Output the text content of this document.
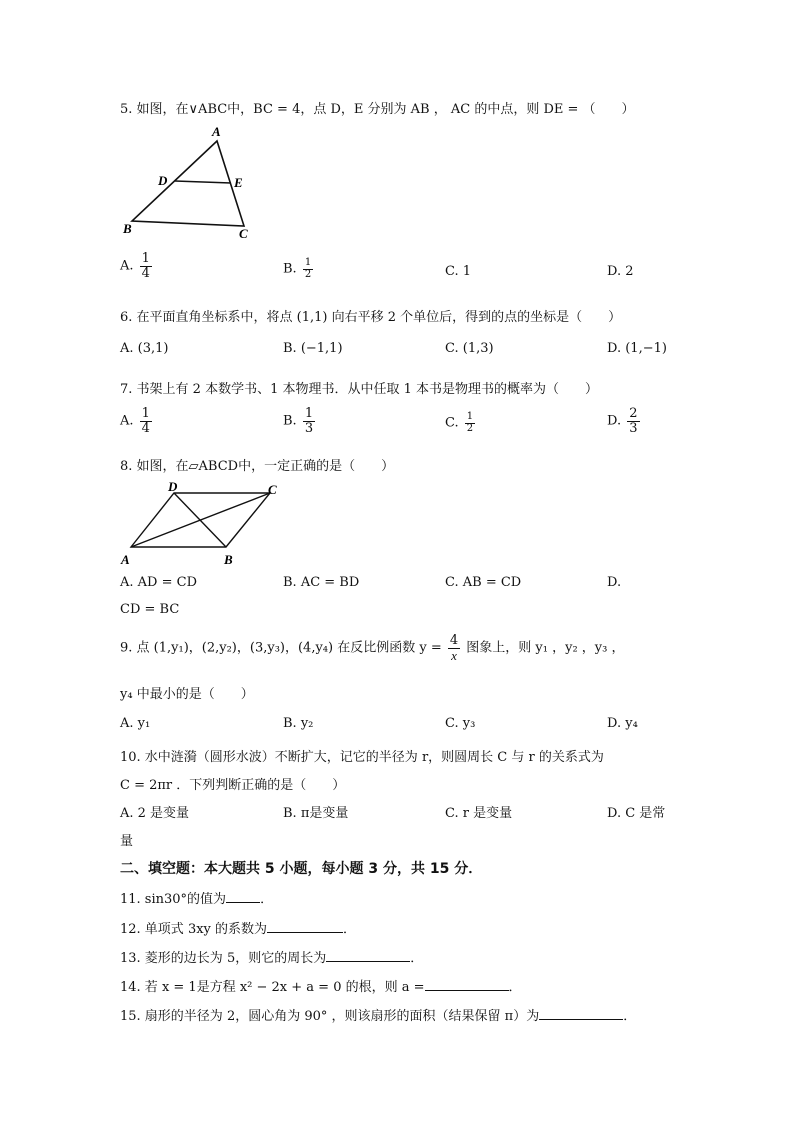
5. 如图，在∨ABC中，BC = 4，点 D，E 分别为 AB ， AC 的中点，则 DE = （　　）
A
D	E
B	C
A. $\frac{1}{4}$	B. $\frac{1}{2}$	C. 1	D. 2
6. 在平面直角坐标系中，将点 (1,1) 向右平移 2 个单位后，得到的点的坐标是（　　）
A. (3,1)	B. (−1,1)	C. (1,3)	D. (1,−1)
7. 书架上有 2 本数学书、1 本物理书．从中任取 1 本书是物理书的概率为（　　）
A. $\frac{1}{4}$	B. $\frac{1}{3}$	C. $\frac{1}{2}$	D. $\frac{2}{3}$
8. 如图，在▱ABCD中，一定正确的是（　　）
D	C
A	B
A. AD = CD	B. AC = BD	C. AB = CD	D.
CD = BC
9. 点 (1,y₁)，(2,y₂)，(3,y₃)，(4,y₄) 在反比例函数 $y = \frac{4}{x}$ 图象上，则 y₁ ，y₂ ，y₃ ，
y₄ 中最小的是（　　）
A. y₁	B. y₂	C. y₃	D. y₄
10. 水中涟漪（圆形水波）不断扩大，记它的半径为 r，则圆周长 C 与 r 的关系式为
C = 2πr ．下列判断正确的是（　　）
A. 2 是变量	B. π是变量	C. r 是变量	D. C 是常
量
二、填空题：本大题共 5 小题，每小题 3 分，共 15 分．
11. sin30°的值为	．
12. 单项式 3xy 的系数为	．
13. 菱形的边长为 5，则它的周长为	．
14. 若 x = 1是方程 x² − 2x + a = 0 的根，则 a =	．
15. 扇形的半径为 2，圆心角为 90° ，则该扇形的面积（结果保留 π）为	．
